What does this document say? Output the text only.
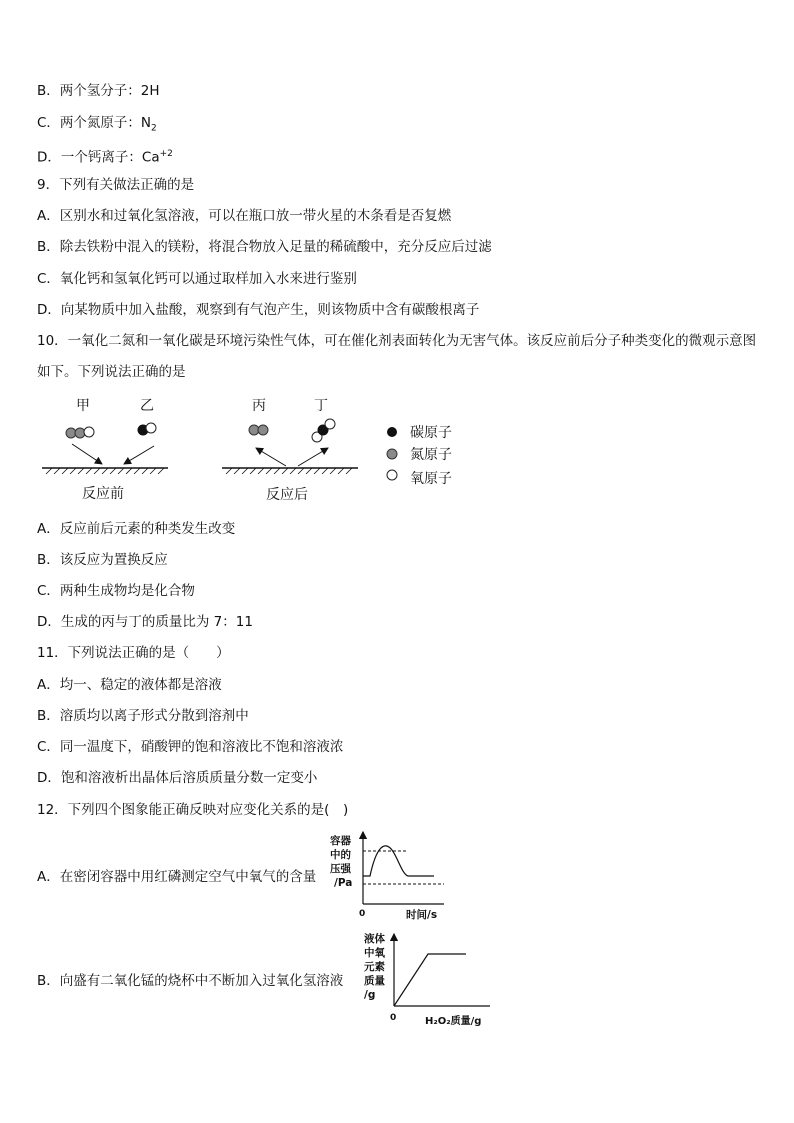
B．两个氢分子：2H
C．两个氮原子：$N_2$
D．一个钙离子：$Ca^{+2}$
9．下列有关做法正确的是
A．区别水和过氧化氢溶液，可以在瓶口放一带火星的木条看是否复燃
B．除去铁粉中混入的镁粉，将混合物放入足量的稀硫酸中，充分反应后过滤
C．氧化钙和氢氧化钙可以通过取样加入水来进行鉴别
D．向某物质中加入盐酸，观察到有气泡产生，则该物质中含有碳酸根离子
10．一氧化二氮和一氧化碳是环境污染性气体，可在催化剂表面转化为无害气体。该反应前后分子种类变化的微观示意图如下。下列说法正确的是
甲	乙	丙	丁
反应前	反应后
碳原子
氮原子
氧原子
A．反应前后元素的种类发生改变
B．该反应为置换反应
C．两种生成物均是化合物
D．生成的丙与丁的质量比为 7：11
11．下列说法正确的是（　　）
A．均一、稳定的液体都是溶液
B．溶质均以离子形式分散到溶剂中
C．同一温度下，硝酸钾的饱和溶液比不饱和溶液浓
D．饱和溶液析出晶体后溶质质量分数一定变小
12．下列四个图象能正确反映对应变化关系的是(　)
A．在密闭容器中用红磷测定空气中氧气的含量
容器
中的
压强
/Pa
0	时间/s
B．向盛有二氧化锰的烧杯中不断加入过氧化氢溶液
液体
中氧
元素
质量
/g
0	H₂O₂质量/g
